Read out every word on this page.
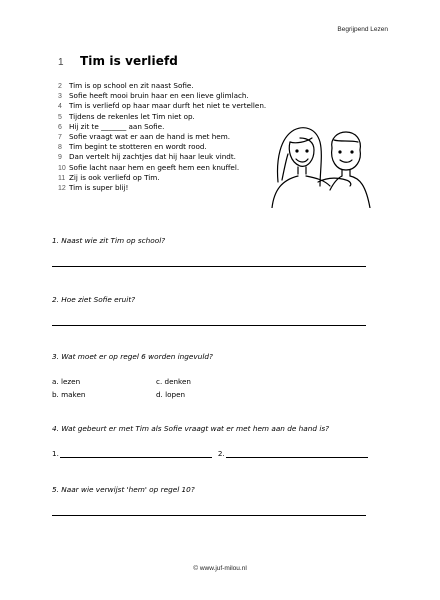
Begrijpend Lezen
1	Tim is verliefd
2 Tim is op school en zit naast Sofie.
3 Sofie heeft mooi bruin haar en een lieve glimlach.
4 Tim is verliefd op haar maar durft het niet te vertellen.
5 Tijdens de rekenles let Tim niet op.
6 Hij zit te _______ aan Sofie.
7 Sofie vraagt wat er aan de hand is met hem.
8 Tim begint te stotteren en wordt rood.
9 Dan vertelt hij zachtjes dat hij haar leuk vindt.
10 Sofie lacht naar hem en geeft hem een knuffel.
11 Zij is ook verliefd op Tim.
12 Tim is super blij!
1. Naast wie zit Tim op school?
2. Hoe ziet Sofie eruit?
3. Wat moet er op regel 6 worden ingevuld?
a. lezen	c. denken
b. maken	d. lopen
4. Wat gebeurt er met Tim als Sofie vraagt wat er met hem aan de hand is?
1.	2.
5. Naar wie verwijst 'hem' op regel 10?
© www.juf-milou.nl
